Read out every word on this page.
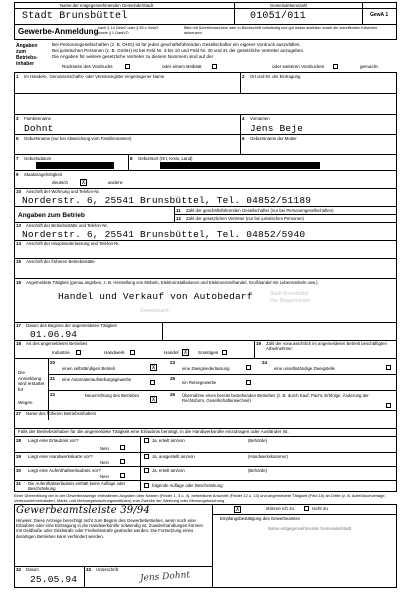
Name der entgegennehmenden Gemeinde/Stadt	Gemeindekennzahl
Stadt Brunsbüttel	01051/011	GewA 1
Gewerbe-Anmeldung nach § 14 GewO oder § 55 c GewO sowie § 1 GastVO
Bitte mit Schreibmaschine oder in Blockschrift vollständig und gut lesbar ausfüllen sowie die zutreffenden Kästchen ankreuzen.
Angaben zum Betriebs-inhaber
Bei Personengesellschaften (z. B. OHG) ist für jeden geschäftsführenden Gesellschafter ein eigener Vordruck auszufüllen.
Bei juristischen Personen (z. B. GmbH) ist bei Feld Nr. 3 bis 10 und Feld Nr. 30 und 31 der gesetzliche Vertreter anzugeben.
Die Angaben für weitere gesetzliche Vertreter zu diesem Nummern sind auf der
Rückseite des Vordrucks	oder einem Beiblatt	oder weiteren Vordrucken	gemacht.
1 Im Handels-, Genossenschafts- oder Vereinsregister eingetragener Name	2 Ort und Nr. der Eintragung
3 Familienname
Dohnt
4 Vornamen
Jens Beje
5 Geburtsname (nur bei Abweichung vom Familiennamen)	6 Geburtsname der Mutter
7 Geburtsdatum	8 Geburtsort (Ort, Kreis, Land)
9 Staatsangehörigkeit
deutsch X	andere:
10 Anschrift der Wohnung und Telefon-Nr.
Norderstr. 6, 25541 Brunsbüttel, Tel. 04852/51189
11 Zahl der geschäftsführenden Gesellschafter (nur bei Personengesellschaften)
12 Zahl der gesetzlichen Vertreter (nur bei juristischen Personen)
Angaben zum Betrieb
13 Anschrift der Betriebsstätte und Telefon-Nr.
Norderstr. 6, 25541 Brunsbüttel, Tel. 04852/5940
14 Anschrift der Hauptniederlassung und Telefon-Nr.
15 Anschrift der früheren Betriebsstätte
16 Angemeldete Tätigkeit (genau angeben, z. B. Herstellung von Möbeln, Elektroinstallationen und Elektroeinzelhandel, Großhandel mit Lebensmitteln usw.)
Handel und Verkauf von Autobedarf	Stadt Brunsbüttel
Der Bürgermeister
Gewerbeamt
17 Datum des Beginns der angemeldeten Tätigkeit
01.06.94
18 Art des angemeldeten Betriebes
Industrie	Handwerk	Handel X	Sonstiges
19 Zahl der voraussichtlich im angemeldeten Betrieb beschäftigten Arbeitnehmer:
Die Anmeldung wird erstattet für
Wegen
20
einen selbständigen Betrieb	X
23
eine Zweigniederlassung
24
eine unselbständige Zweigstelle
21 eine Automatenaufstellungsgewerbe	25
ein Reisegewerbe
22	Neuerrichtung des Betriebes
X
26 Übernahme eines bereits bestehenden Betriebes (z. B. durch Kauf, Pacht, Erbfolge, Änderung der Rechtsform, Gesellschafterwechsel)
27 Name des früheren Betriebsinhabers
Falls der Betriebsinhaber für die angemeldete Tätigkeit eine Erlaubnis benötigt, in die Handwerksrolle einzutragen oder Ausländer ist:
28 Liegt eine Erlaubnis vor?
Nein
Ja, erteilt am/von	(Behörde)
29 Liegt eine Handwerkskarte vor?
Nein
Ja, ausgestellt am/von	(Handwerkskammer)
30 Liegt eine Aufenthaltserlaubnis vor?
Nein
Ja, erteilt am/von	(Behörde)
31 Die Aufenthaltserlaubnis enthält keine Auflage oder Beschränkung
folgende Auflage oder Beschränkung:
Einer Übermittlung der in der Gewerbeanzeige enthaltenen Angaben über Namen (Felder 1, 3 u. 4), betriebliche Anschrift (Felder 12 u. 13) und angemeldete Tätigkeit (Feld 15) an Dritte (z. B. Adreßbuchverlage, Verbraucherverbänden, Markt- und Meinungsforschungsinstituten) zum Zwecke der Werbung oder Meinungsforschung
Gewerbeamtsleiste 39/94
Hinweis: Diese Anzeige berechtigt nicht zum Beginn des Gewerbebetriebes, wenn noch eine Erlaubnis oder eine Eintragung in die Handwerksrolle notwendig ist. Zuwiderhandlungen können mit Geldbuße oder Geldstrafe oder Freiheitsstrafe geahndet werden. Die Fortsetzung eines derartigen Betriebes kann verhindert werden.
X	stimme ich zu	nicht zu
Empfangsbestätigung des Gewerbeamtes
Name entgegennehmende Gemeinde/Stadt
32 Datum
25.05.94
33 Unterschrift
Jens Dohnt
